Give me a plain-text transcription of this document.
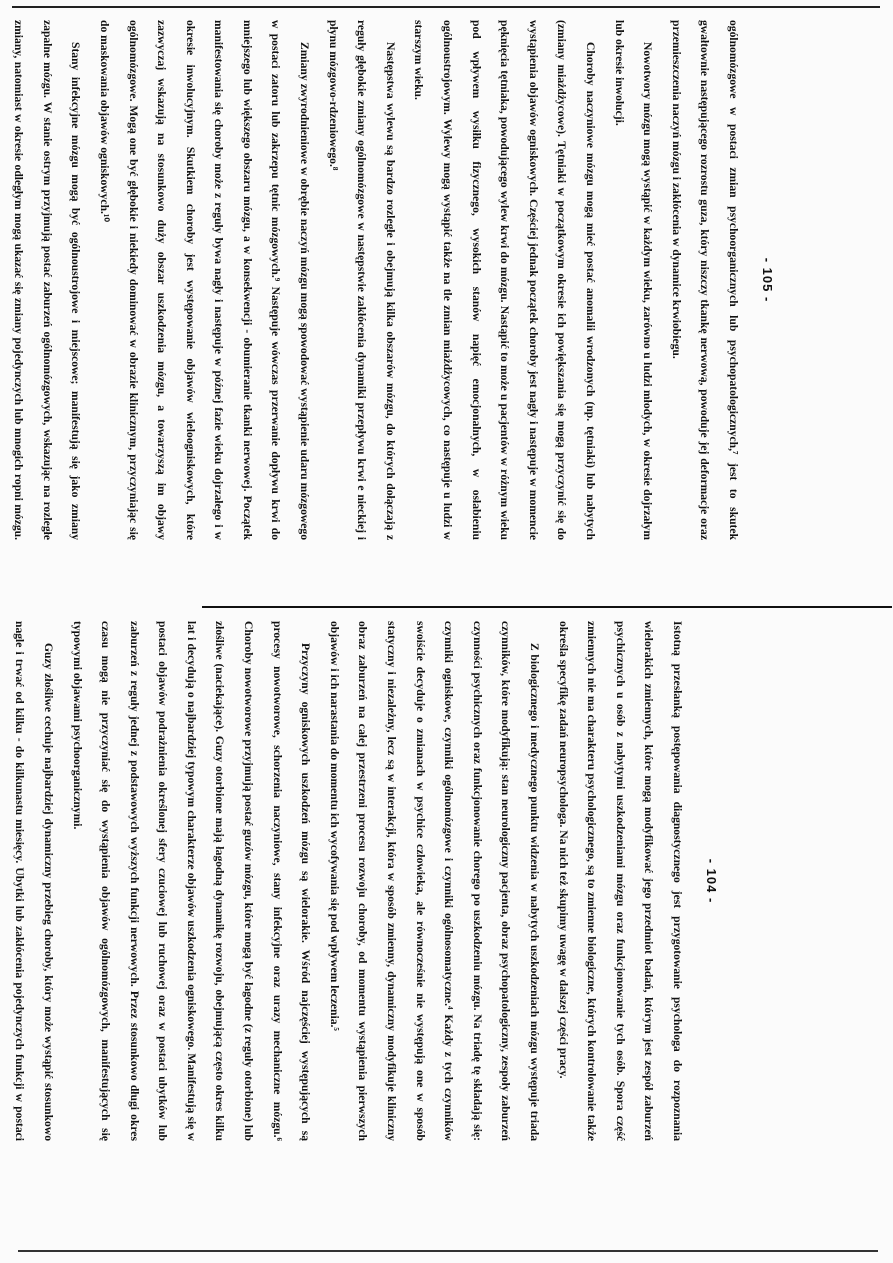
- 104 -

Istotną przesłanką postępowania diagnostycznego jest przygotowanie psychologa do rozpoznania wielorakich zmiennych, które mogą modyfikować jego przedmiot badań, którym jest zespół zaburzeń psychicznych u osób z nabytymi uszkodzeniami mózgu oraz funkcjonowanie tych osób. Spora część zmiennych nie ma charakteru psychologicznego, są to zmienne biologiczne, których kontrolowanie także określa specyfikę zadań neuropsychologa. Na nich też skupimy uwagę w dalszej części pracy.

Z biologicznego i medycznego punktu widzenia w nabytych uszkodzeniach mózgu występuje triada czynników, które modyfikują: stan neurologiczny pacjenta, obraz psychopatologiczny, zespoły zaburzeń czynności psychicznych oraz funkcjonowanie chorego po uszkodzeniu mózgu. Na triadę tę składają się: czynniki ogniskowe, czynniki ogólnomózgowe i czynniki ogólnosomatyczne.⁴ Każdy z tych czynników swoiście decyduje o zmianach w psychice człowieka, ale równocześnie nie występują one w sposób statyczny i niezależny, lecz są w interakcji, która w sposób zmienny, dynamiczny modyfikuje kliniczny obraz zaburzeń na całej przestrzeni procesu rozwoju choroby, od momentu wystąpienia pierwszych objawów i ich narastania do momentu ich wycofywania się pod wpływem leczenia.⁵

Przyczyny ogniskowych uszkodzeń mózgu są wielorakie. Wśród najczęściej występujących są procesy nowotworowe, schorzenia naczyniowe, stany infekcyjne oraz urazy mechaniczne mózgu.⁶ Choroby nowotworowe przyjmują postać guzów mózgu, które mogą być łagodne (z reguły otorbione) lub złośliwe (naciekające). Guzy otorbione mają łagodną dynamikę rozwoju, obejmującą często okres kilku lat i decydują o najbardziej typowym charakterze objawów uszkodzenia ogniskowego. Manifestują się w postaci objawów podrażnienia określonej sfery czuciowej lub ruchowej oraz w postaci ubytków lub zaburzeń z reguły jednej z podstawowych wyższych funkcji nerwowych. Przez stosunkowo długi okres czasu mogą nie przyczyniać się do wystąpienia objawów ogólnomózgowych, manifestujących się typowymi objawami psychoorganicznymi.

Guzy złośliwe cechuje najbardziej dynamiczny przebieg choroby, który może wystąpić stosunkowo nagle i trwać od kilku - do kilkunastu miesięcy. Ubytki lub zakłócenia pojedynczych funkcji w postaci

- 105 -

ogólnomózgowe w postaci zmian psychoorganicznych lub psychopatologicznych,⁷ jest to skutek gwałtownie następującego rozrostu guza, który niszczy tkankę nerwową, powoduje jej deformacje oraz przemieszczenia naczyń mózgu i zakłócenia w dynamice krwiobiegu.

Nowotwory mózgu mogą wystąpić w każdym wieku, zarówno u ludzi młodych, w okresie dojrzałym lub okresie inwolucji.

Choroby naczyniowe mózgu mogą mieć postać anomalii wrodzonych (np. tętniaki) lub nabytych (zmiany miażdżycowe). Tętniaki w początkowym okresie ich powiększania się mogą przyczynić się do wystąpienia objawów ogniskowych. Częściej jednak początek choroby jest nagły i następuje w momencie pęknięcia tętniaka, powodującego wylew krwi do mózgu. Nastąpić to może u pacjentów w różnym wieku pod wpływem wysiłku fizycznego, wysokich stanów napięć emocjonalnych, w osłabieniu ogólnoustrojowym. Wylewy mogą wystąpić także na tle zmian miażdżycowych, co następuje u ludzi w starszym wieku.

Następstwa wylewu są bardzo rozległe i obejmują kilka obszarów mózgu, do których dołączają z reguły głębokie zmiany ogólnomózgowe w następstwie zakłócenia dynamiki przepływu krwi e nieckiej i płynu mózgowo-rdzeniowego.⁸

Zmiany zwyrodnieniowe w obrębie naczyń mózgu mogą spowodować wystąpienie udaru mózgowego w postaci zatoru lub zakrzepu tętnic mózgowych.⁹ Następuje wówczas przerwanie dopływu krwi do mniejszego lub większego obszaru mózgu, a w konsekwencji - obumieranie tkanki nerwowej. Początek manifestowania się choroby może z reguły bywa nagły i następuje w późnej fazie wieku dojrzałego i w okresie inwolucyjnym. Skutkiem choroby jest występowanie objawów wieloogniskowych, które zazwyczaj wskazują na stosunkowo duży obszar uszkodzenia mózgu, a towarzyszą im objawy ogólnomózgowe. Mogą one być głębokie i niekiedy dominować w obrazie klinicznym, przyczyniając się do maskowania objawów ogniskowych.¹⁰

Stany infekcyjne mózgu mogą być ogólnoustrojowe i miejscowe; manifestują się jako zmiany zapalne mózgu. W stanie ostrym przyjmują postać zaburzeń ogólnomózgowych, wskazując na rozległe zmiany, natomiast w okresie odległym mogą ukazać się zmiany pojedynczych lub mnogich ropni mózgu.
